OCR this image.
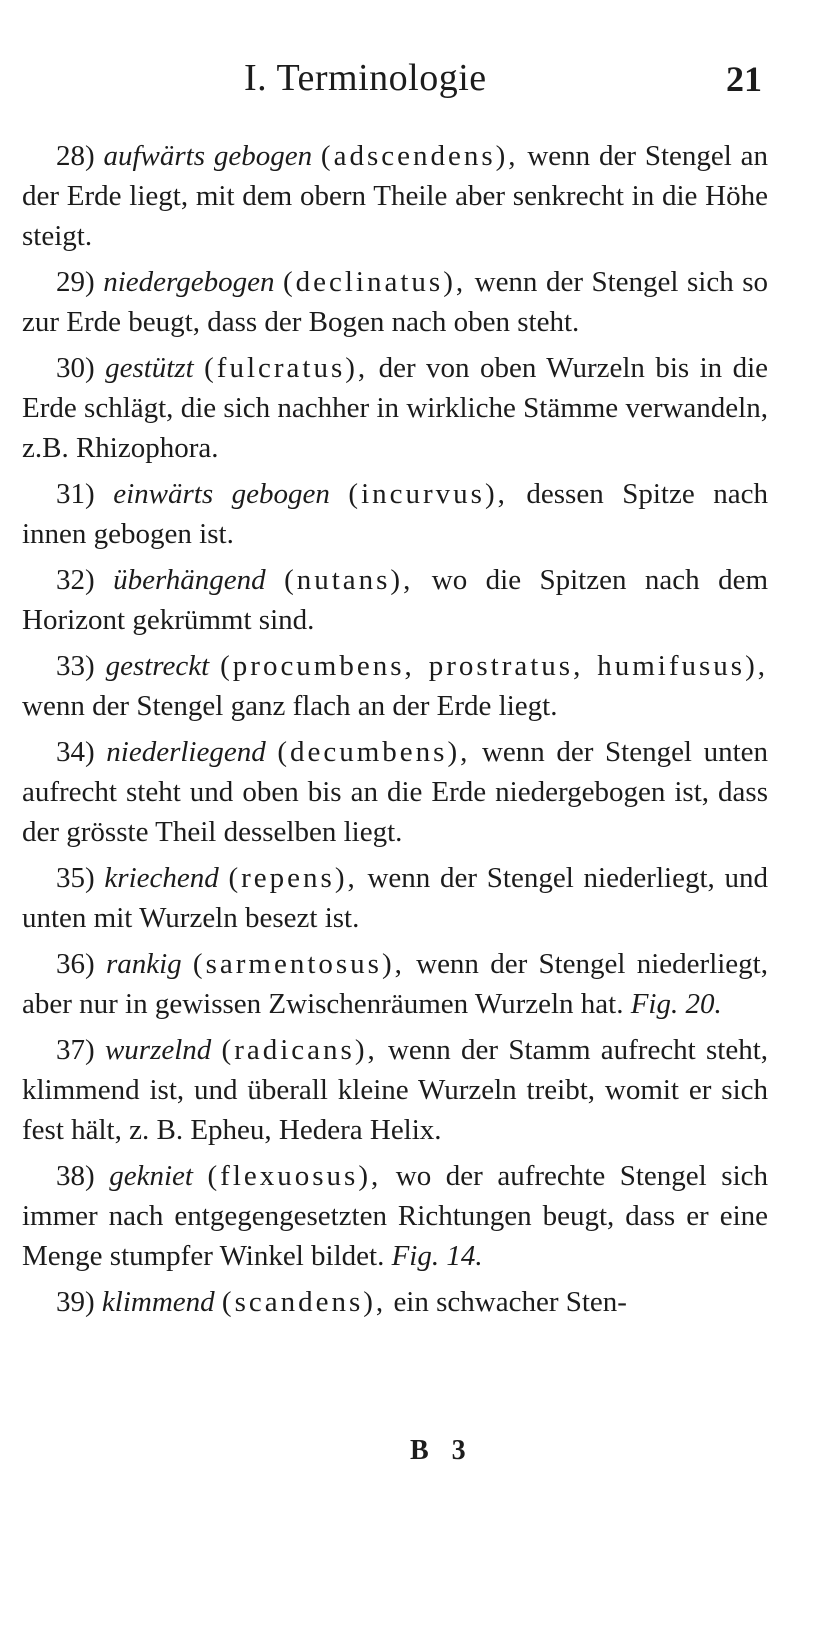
I. Terminologie	21

28) aufwärts gebogen (adscendens), wenn der Stengel an der Erde liegt, mit dem obern Theile aber senkrecht in die Höhe steigt.

29) niedergebogen (declinatus), wenn der Stengel sich so zur Erde beugt, dass der Bogen nach oben steht.

30) gestützt (fulcratus), der von oben Wurzeln bis in die Erde schlägt, die sich nachher in wirkliche Stämme verwandeln, z.B. Rhizophora.

31) einwärts gebogen (incurvus), dessen Spitze nach innen gebogen ist.

32) überhängend (nutans), wo die Spitzen nach dem Horizont gekrümmt sind.

33) gestreckt (procumbens, prostratus, humifusus), wenn der Stengel ganz flach an der Erde liegt.

34) niederliegend (decumbens), wenn der Stengel unten aufrecht steht und oben bis an die Erde niedergebogen ist, dass der grösste Theil desselben liegt.

35) kriechend (repens), wenn der Stengel niederliegt, und unten mit Wurzeln besezt ist.

36) rankig (sarmentosus), wenn der Stengel niederliegt, aber nur in gewissen Zwischenräumen Wurzeln hat. Fig. 20.

37) wurzelnd (radicans), wenn der Stamm aufrecht steht, klimmend ist, und überall kleine Wurzeln treibt, womit er sich fest hält, z. B. Epheu, Hedera Helix.

38) gekniet (flexuosus), wo der aufrechte Stengel sich immer nach entgegengesetzten Richtungen beugt, dass er eine Menge stumpfer Winkel bildet. Fig. 14.

39) klimmend (scandens), ein schwacher Sten-

B 3
